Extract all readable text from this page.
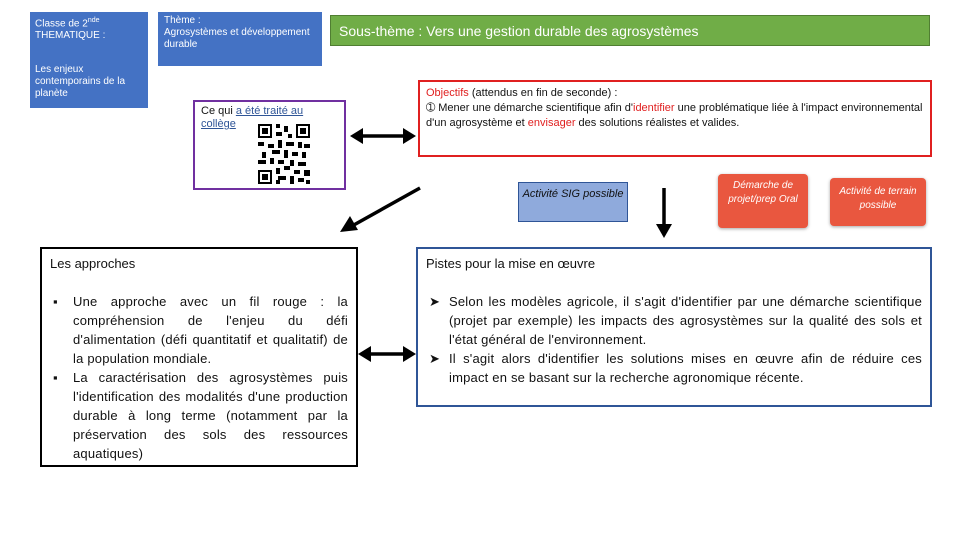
Classe de 2nde
THEMATIQUE :
Les enjeux contemporains de la planète
Thème :
Agrosystèmes et développement durable
Sous-thème : Vers une gestion durable des agrosystèmes
Ce qui a été traité au collège
Objectifs (attendus en fin de seconde) :
➀ Mener une démarche scientifique afin d'identifier une problématique liée à l'impact environnemental d'un agrosystème et envisager des solutions réalistes et valides.
Activité SIG possible
Démarche de projet/prep Oral
Activité de terrain possible
Les approches
▪ Une approche avec un fil rouge : la compréhension de l'enjeu du défi d'alimentation (défi quantitatif et qualitatif) de la population mondiale.
▪ La caractérisation des agrosystèmes puis l'identification des modalités d'une production durable à long terme (notamment par la préservation des sols des ressources aquatiques)
Pistes pour la mise en œuvre
➤ Selon les modèles agricole, il s'agit d'identifier par une démarche scientifique (projet par exemple) les impacts des agrosystèmes sur la qualité des sols et l'état général de l'environnement.
➤ Il s'agit alors d'identifier les solutions mises en œuvre afin de réduire ces impact en se basant sur la recherche agronomique récente.
